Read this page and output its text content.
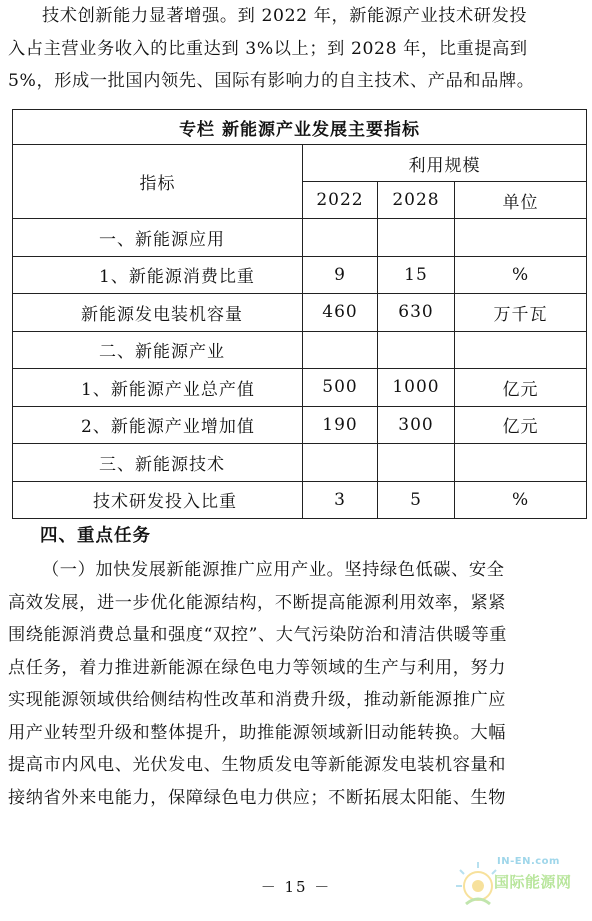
技术创新能力显著增强。到 2022 年，新能源产业技术研发投
入占主营业务收入的比重达到 3%以上；到 2028 年，比重提高到
5%，形成一批国内领先、国际有影响力的自主技术、产品和品牌。
专栏 新能源产业发展主要指标			
指标	利用规模		
	2022	2028	单位
一、新能源应用			
1、新能源消费比重	9	15	%
新能源发电装机容量	460	630	万千瓦
二、新能源产业			
1、新能源产业总产值	500	1000	亿元
2、新能源产业增加值	190	300	亿元
三、新能源技术			
技术研发投入比重	3	5	%
四、重点任务
（一）加快发展新能源推广应用产业。坚持绿色低碳、安全
高效发展，进一步优化能源结构，不断提高能源利用效率，紧紧
围绕能源消费总量和强度“双控”、大气污染防治和清洁供暖等重
点任务，着力推进新能源在绿色电力等领域的生产与利用，努力
实现能源领域供给侧结构性改革和消费升级，推动新能源推广应
用产业转型升级和整体提升，助推能源领域新旧动能转换。大幅
提高市内风电、光伏发电、生物质发电等新能源发电装机容量和
接纳省外来电能力，保障绿色电力供应；不断拓展太阳能、生物
IN-EN.com
国际能源网
－ 15 －
